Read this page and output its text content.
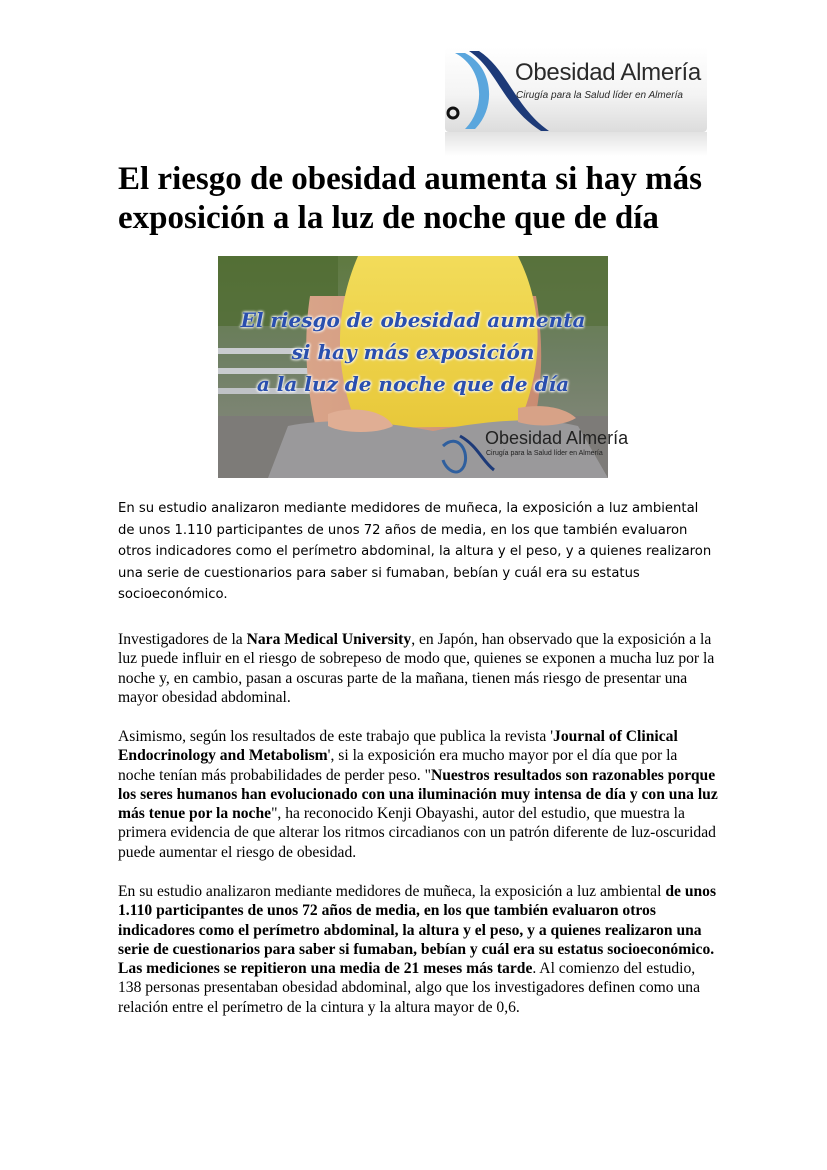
Obesidad Almería
Cirugía para la Salud líder en Almería
El riesgo de obesidad aumenta si hay más exposición a la luz de noche que de día
El riesgo de obesidad aumenta
si hay más exposición
a la luz de noche que de día
Obesidad Almería
Cirugía para la Salud líder en Almería

En su estudio analizaron mediante medidores de muñeca, la exposición a luz ambiental de unos 1.110 participantes de unos 72 años de media, en los que también evaluaron otros indicadores como el perímetro abdominal, la altura y el peso, y a quienes realizaron una serie de cuestionarios para saber si fumaban, bebían y cuál era su estatus socioeconómico.

Investigadores de la Nara Medical University, en Japón, han observado que la exposición a la luz puede influir en el riesgo de sobrepeso de modo que, quienes se exponen a mucha luz por la noche y, en cambio, pasan a oscuras parte de la mañana, tienen más riesgo de presentar una mayor obesidad abdominal.

Asimismo, según los resultados de este trabajo que publica la revista 'Journal of Clinical Endocrinology and Metabolism', si la exposición era mucho mayor por el día que por la noche tenían más probabilidades de perder peso. "Nuestros resultados son razonables porque los seres humanos han evolucionado con una iluminación muy intensa de día y con una luz más tenue por la noche", ha reconocido Kenji Obayashi, autor del estudio, que muestra la primera evidencia de que alterar los ritmos circadianos con un patrón diferente de luz-oscuridad puede aumentar el riesgo de obesidad.

En su estudio analizaron mediante medidores de muñeca, la exposición a luz ambiental de unos 1.110 participantes de unos 72 años de media, en los que también evaluaron otros indicadores como el perímetro abdominal, la altura y el peso, y a quienes realizaron una serie de cuestionarios para saber si fumaban, bebían y cuál era su estatus socioeconómico. Las mediciones se repitieron una media de 21 meses más tarde. Al comienzo del estudio, 138 personas presentaban obesidad abdominal, algo que los investigadores definen como una relación entre el perímetro de la cintura y la altura mayor de 0,6.
